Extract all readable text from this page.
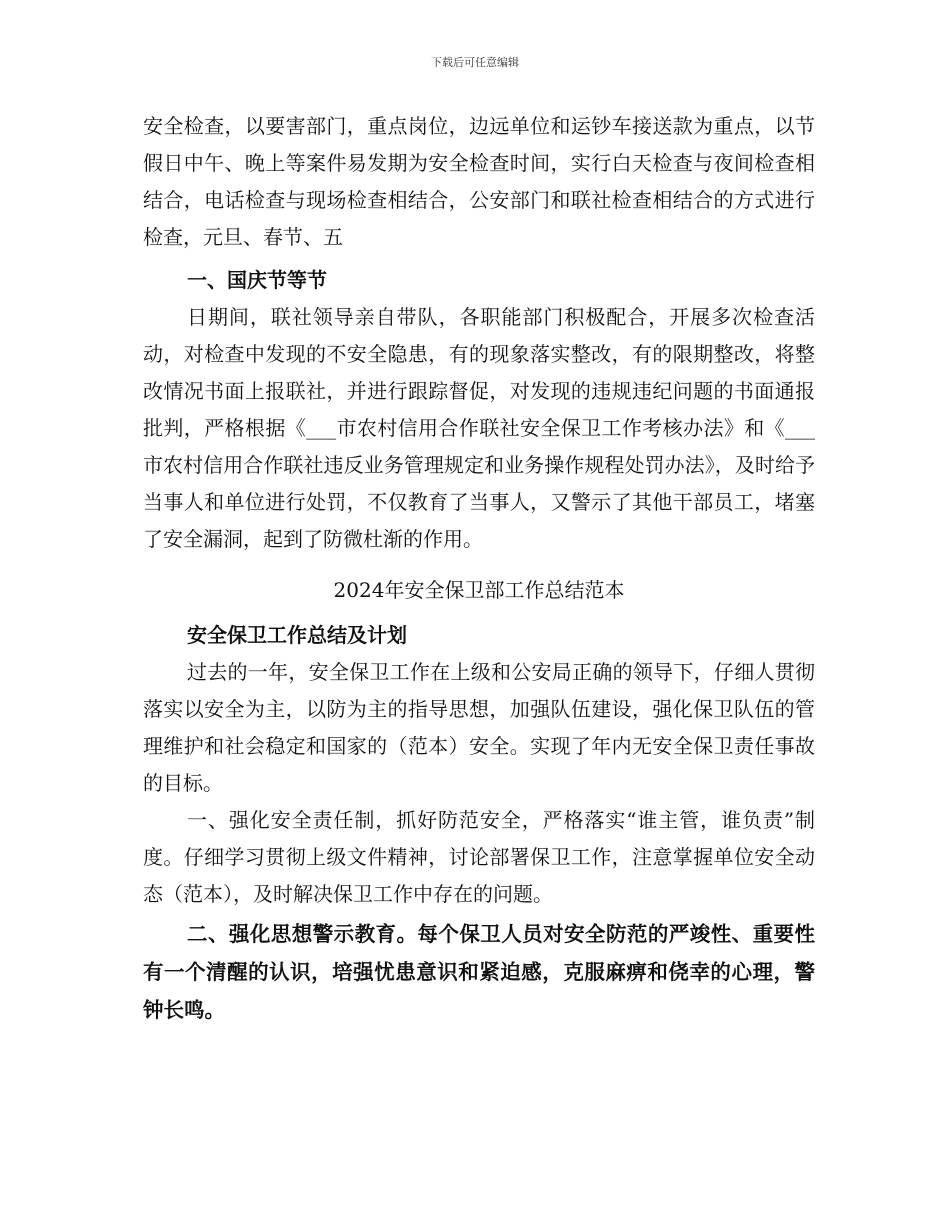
下载后可任意编辑

安全检查，以要害部门，重点岗位，边远单位和运钞车接送款为重点，以节假日中午、晚上等案件易发期为安全检查时间，实行白天检查与夜间检查相结合，电话检查与现场检查相结合，公安部门和联社检查相结合的方式进行检查，元旦、春节、五

一、国庆节等节

日期间，联社领导亲自带队，各职能部门积极配合，开展多次检查活动，对检查中发现的不安全隐患，有的现象落实整改，有的限期整改，将整改情况书面上报联社，并进行跟踪督促，对发现的违规违纪问题的书面通报批判，严格根据《___市农村信用合作联社安全保卫工作考核办法》和《___市农村信用合作联社违反业务管理规定和业务操作规程处罚办法》，及时给予当事人和单位进行处罚，不仅教育了当事人，又警示了其他干部员工，堵塞了安全漏洞，起到了防微杜渐的作用。

2024年安全保卫部工作总结范本

安全保卫工作总结及计划

过去的一年，安全保卫工作在上级和公安局正确的领导下，仔细人贯彻落实以安全为主，以防为主的指导思想，加强队伍建设，强化保卫队伍的管理维护和社会稳定和国家的（范本）安全。实现了年内无安全保卫责任事故的目标。

一、强化安全责任制，抓好防范安全，严格落实“谁主管，谁负责”制度。仔细学习贯彻上级文件精神，讨论部署保卫工作，注意掌握单位安全动态（范本），及时解决保卫工作中存在的问题。

二、强化思想警示教育。每个保卫人员对安全防范的严竣性、重要性有一个清醒的认识，培强忧患意识和紧迫感，克服麻痹和侥幸的心理，警钟长鸣。
